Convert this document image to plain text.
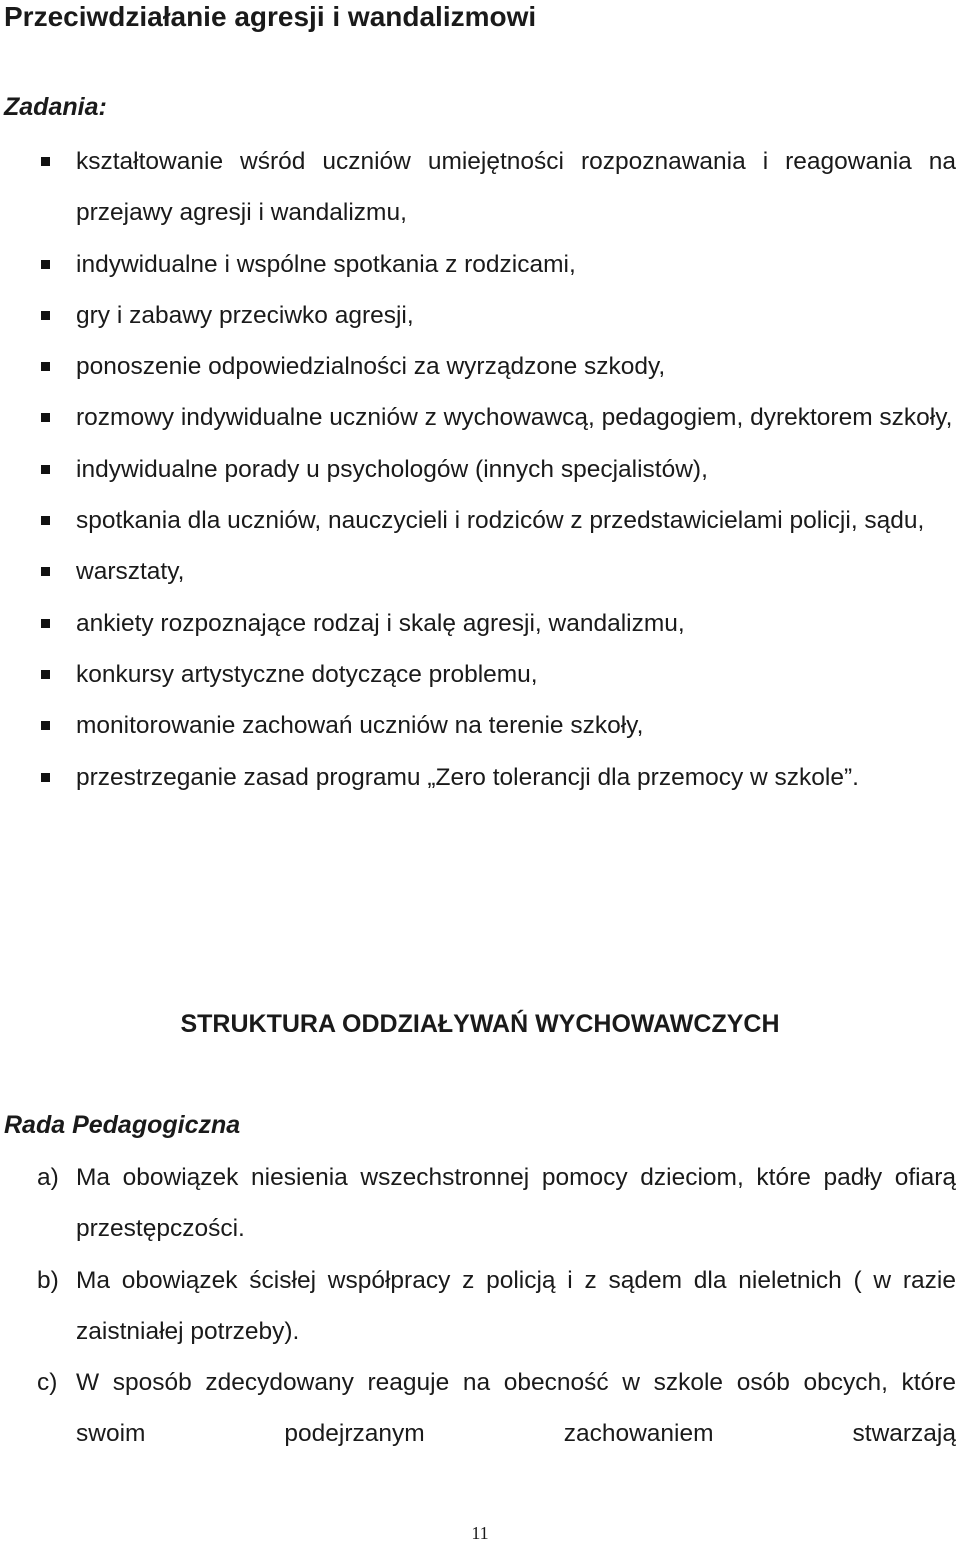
Przeciwdziałanie agresji i wandalizmowi
Zadania:
kształtowanie wśród uczniów umiejętności rozpoznawania i reagowania na przejawy agresji i wandalizmu,
indywidualne i wspólne spotkania z rodzicami,
gry i zabawy przeciwko agresji,
ponoszenie odpowiedzialności za wyrządzone szkody,
rozmowy indywidualne uczniów z wychowawcą, pedagogiem, dyrektorem szkoły,
indywidualne porady u psychologów (innych specjalistów),
spotkania dla uczniów, nauczycieli i rodziców z przedstawicielami policji, sądu,
warsztaty,
ankiety rozpoznające rodzaj i skalę agresji, wandalizmu,
konkursy artystyczne dotyczące problemu,
monitorowanie zachowań uczniów na terenie szkoły,
przestrzeganie zasad programu „Zero tolerancji dla przemocy w szkole”.
STRUKTURA ODDZIAŁYWAŃ WYCHOWAWCZYCH
Rada Pedagogiczna
a) Ma obowiązek niesienia wszechstronnej pomocy dzieciom, które padły ofiarą przestępczości.
b) Ma obowiązek ścisłej współpracy z policją i z sądem dla nieletnich ( w razie zaistniałej potrzeby).
c) W sposób zdecydowany reaguje na obecność w szkole osób obcych, które swoim podejrzanym zachowaniem stwarzają
11
